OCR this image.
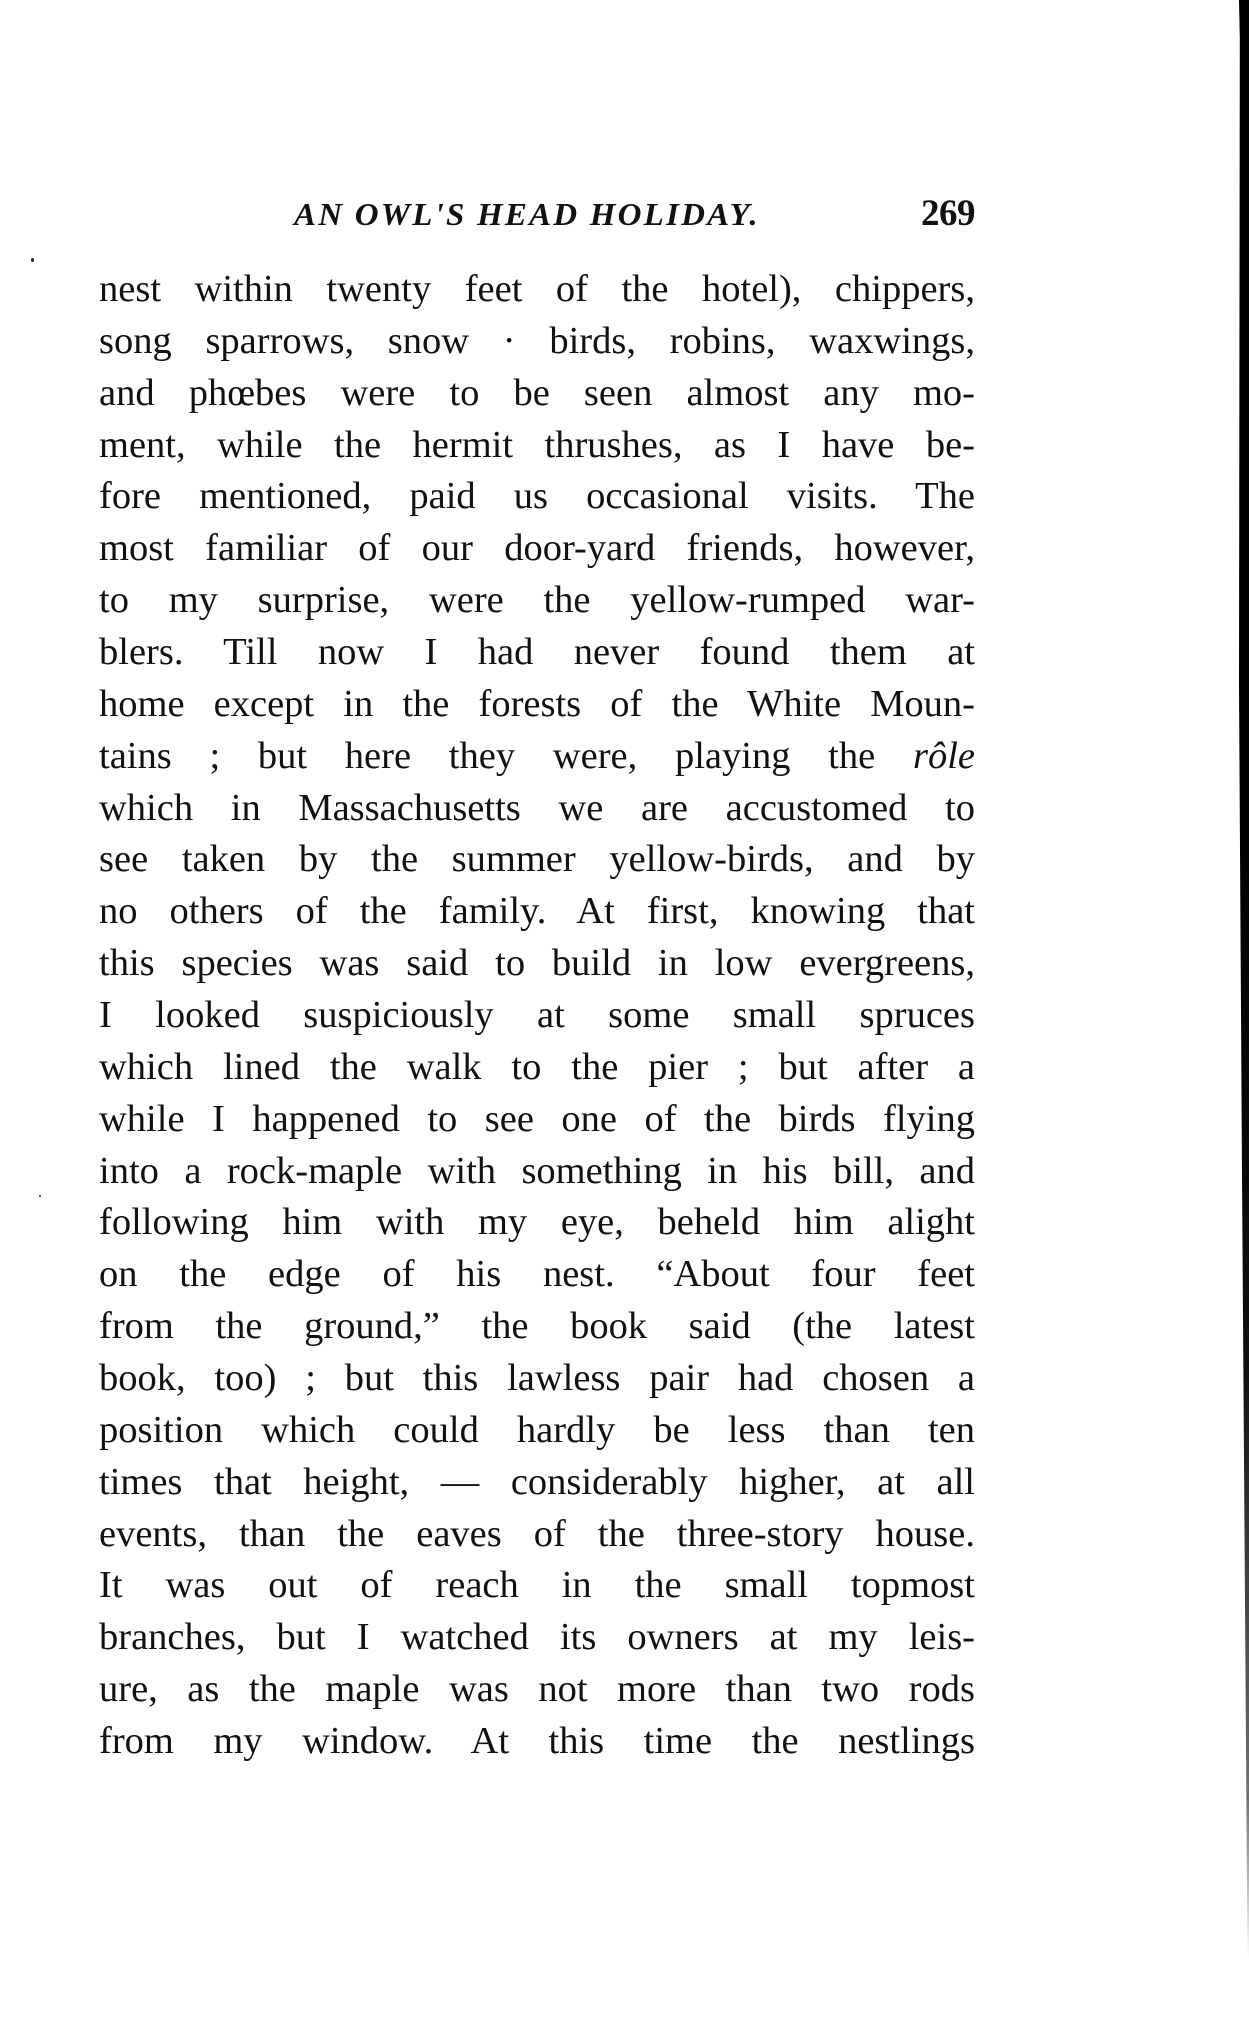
AN OWL'S HEAD HOLIDAY.	269
nest within twenty feet of the hotel), chippers,
song sparrows, snow · birds, robins, waxwings,
and phœbes were to be seen almost any mo-
ment, while the hermit thrushes, as I have be-
fore mentioned, paid us occasional visits. The
most familiar of our door-yard friends, however,
to my surprise, were the yellow-rumped war-
blers. Till now I had never found them at
home except in the forests of the White Moun-
tains ; but here they were, playing the rôle
which in Massachusetts we are accustomed to
see taken by the summer yellow-birds, and by
no others of the family. At first, knowing that
this species was said to build in low evergreens,
I looked suspiciously at some small spruces
which lined the walk to the pier ; but after a
while I happened to see one of the birds flying
into a rock-maple with something in his bill, and
following him with my eye, beheld him alight
on the edge of his nest. “About four feet
from the ground,” the book said (the latest
book, too) ; but this lawless pair had chosen a
position which could hardly be less than ten
times that height, — considerably higher, at all
events, than the eaves of the three-story house.
It was out of reach in the small topmost
branches, but I watched its owners at my leis-
ure, as the maple was not more than two rods
from my window. At this time the nestlings
